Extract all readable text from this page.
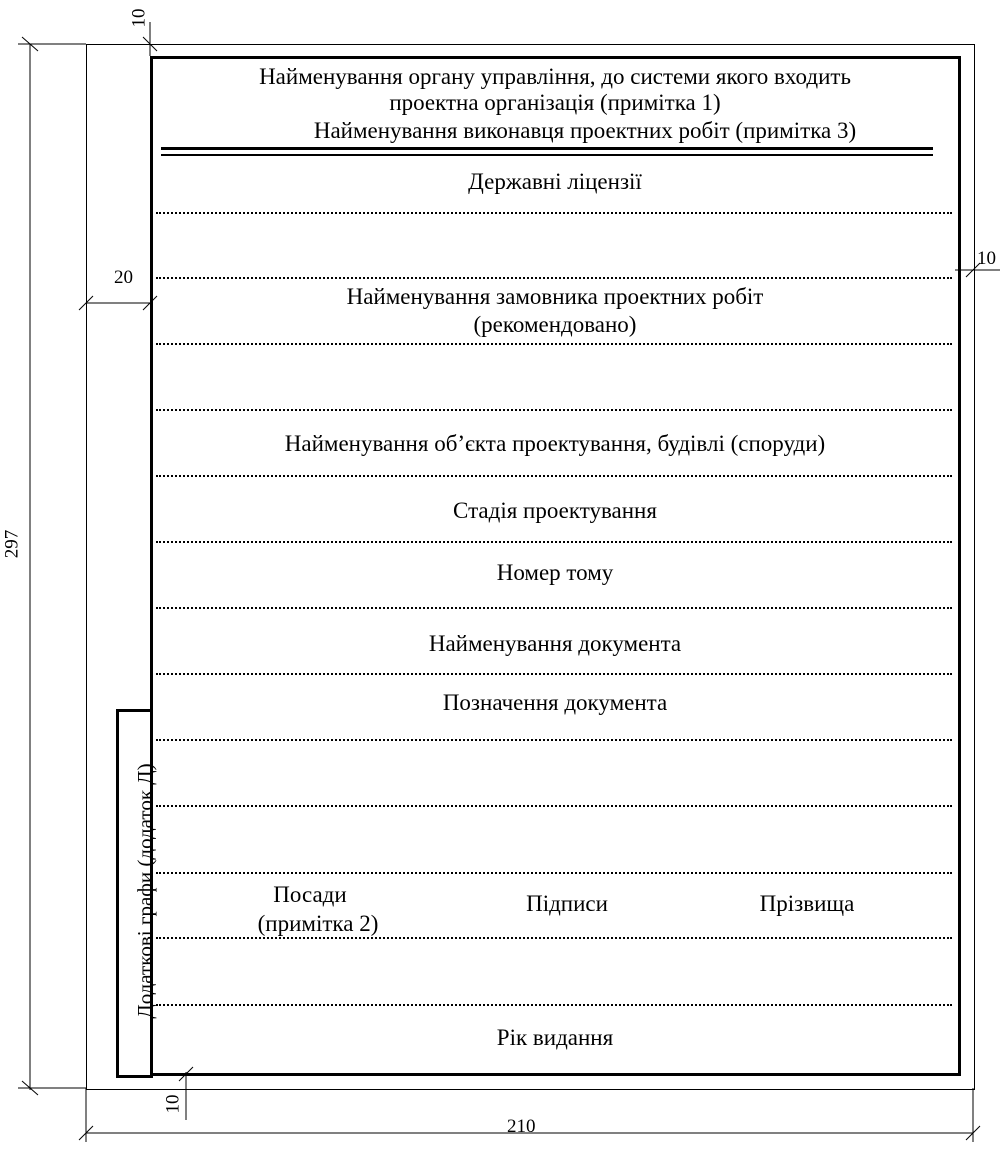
Найменування органу управління, до системи якого входить
проектна організація (примітка 1)
Найменування виконавця проектних робіт (примітка 3)
Державні ліцензії
Найменування замовника проектних робіт
(рекомендовано)
Найменування об’єкта проектування, будівлі (споруди)
Стадія проектування
Номер тому
Найменування документа
Позначення документа
Посади
(примітка 2)
Підписи	Прізвища
Рік видання
Додаткові графи (додаток Д)
10
20
10
10
297
210
